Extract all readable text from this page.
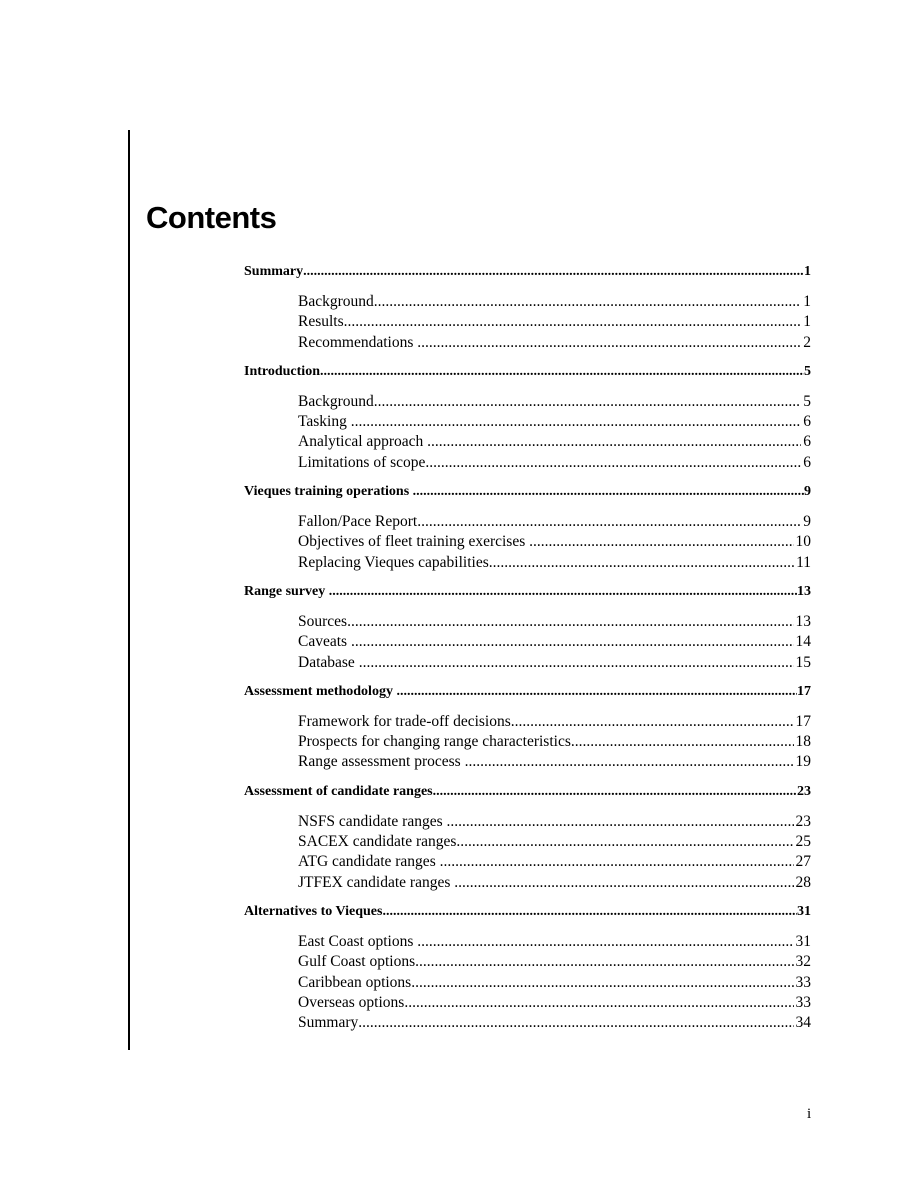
Contents
Summary .....	1
Background .....	1
Results .....	1
Recommendations .....	2
Introduction .....	5
Background .....	5
Tasking .....	6
Analytical approach .....	6
Limitations of scope .....	6
Vieques training operations .....	9
Fallon/Pace Report .....	9
Objectives of fleet training exercises .....	10
Replacing Vieques capabilities .....	11
Range survey .....	13
Sources .....	13
Caveats .....	14
Database .....	15
Assessment methodology .....	17
Framework for trade-off decisions .....	17
Prospects for changing range characteristics .....	18
Range assessment process .....	19
Assessment of candidate ranges .....	23
NSFS candidate ranges .....	23
SACEX candidate ranges .....	25
ATG candidate ranges .....	27
JTFEX candidate ranges .....	28
Alternatives to Vieques .....	31
East Coast options .....	31
Gulf Coast options .....	32
Caribbean options .....	33
Overseas options .....	33
Summary .....	34
i
